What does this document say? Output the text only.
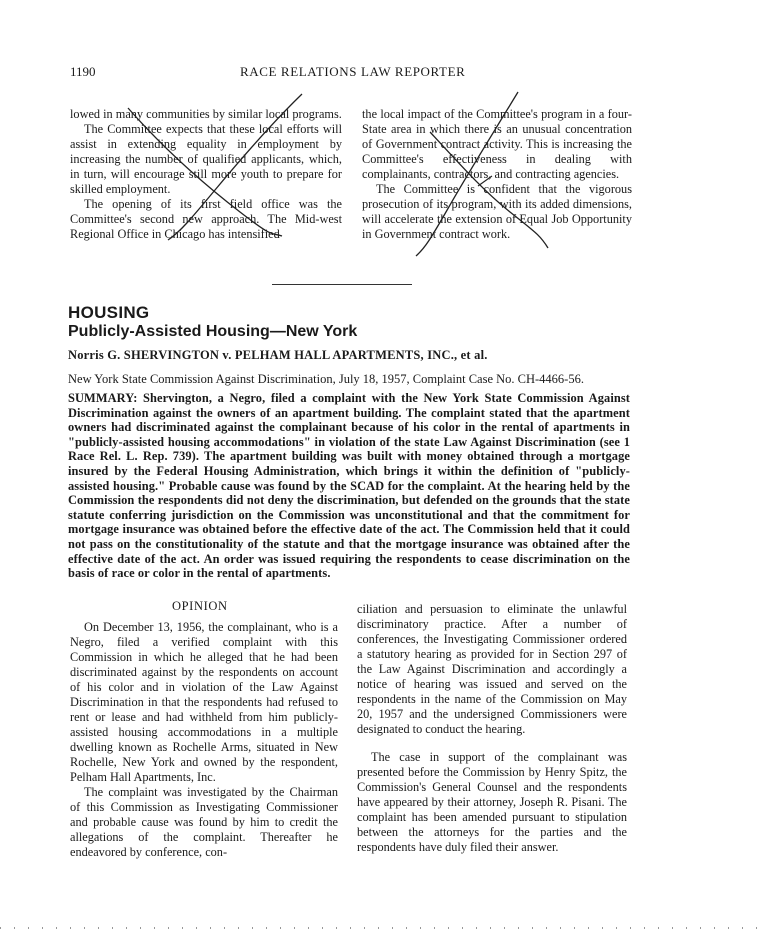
1190	RACE RELATIONS LAW REPORTER

lowed in many communities by similar local programs.

The Committee expects that these local efforts will assist in extending equality in employment by increasing the number of qualified applicants, which, in turn, will encourage still more youth to prepare for skilled employment.

The opening of its first field office was the Committee's second new approach. The Mid-west Regional Office in Chicago has intensified

the local impact of the Committee's program in a four-State area in which there is an unusual concentration of Government contract activity. This is increasing the Committee's effectiveness in dealing with complainants, contractors, and contracting agencies.

The Committee is confident that the vigorous prosecution of its program, with its added dimensions, will accelerate the extension of Equal Job Opportunity in Government contract work.

HOUSING
Publicly-Assisted Housing—New York

Norris G. SHERVINGTON v. PELHAM HALL APARTMENTS, INC., et al.

New York State Commission Against Discrimination, July 18, 1957, Complaint Case No. CH-4466-56.

SUMMARY: Shervington, a Negro, filed a complaint with the New York State Commission Against Discrimination against the owners of an apartment building. The complaint stated that the apartment owners had discriminated against the complainant because of his color in the rental of apartments in "publicly-assisted housing accommodations" in violation of the state Law Against Discrimination (see 1 Race Rel. L. Rep. 739). The apartment building was built with money obtained through a mortgage insured by the Federal Housing Administration, which brings it within the definition of "publicly-assisted housing." Probable cause was found by the SCAD for the complaint. At the hearing held by the Commission the respondents did not deny the discrimination, but defended on the grounds that the state statute conferring jurisdiction on the Commission was unconstitutional and that the commitment for mortgage insurance was obtained before the effective date of the act. The Commission held that it could not pass on the constitutionality of the statute and that the mortgage insurance was obtained after the effective date of the act. An order was issued requiring the respondents to cease discrimination on the basis of race or color in the rental of apartments.

OPINION

On December 13, 1956, the complainant, who is a Negro, filed a verified complaint with this Commission in which he alleged that he had been discriminated against by the respondents on account of his color and in violation of the Law Against Discrimination in that the respondents had refused to rent or lease and had withheld from him publicly-assisted housing accommodations in a multiple dwelling known as Rochelle Arms, situated in New Rochelle, New York and owned by the respondent, Pelham Hall Apartments, Inc.

The complaint was investigated by the Chairman of this Commission as Investigating Commissioner and probable cause was found by him to credit the allegations of the complaint. Thereafter he endeavored by conference, con-

ciliation and persuasion to eliminate the unlawful discriminatory practice. After a number of conferences, the Investigating Commissioner ordered a statutory hearing as provided for in Section 297 of the Law Against Discrimination and accordingly a notice of hearing was issued and served on the respondents in the name of the Commission on May 20, 1957 and the undersigned Commissioners were designated to conduct the hearing.

The case in support of the complainant was presented before the Commission by Henry Spitz, the Commission's General Counsel and the respondents have appeared by their attorney, Joseph R. Pisani. The complaint has been amended pursuant to stipulation between the attorneys for the parties and the respondents have duly filed their answer.
